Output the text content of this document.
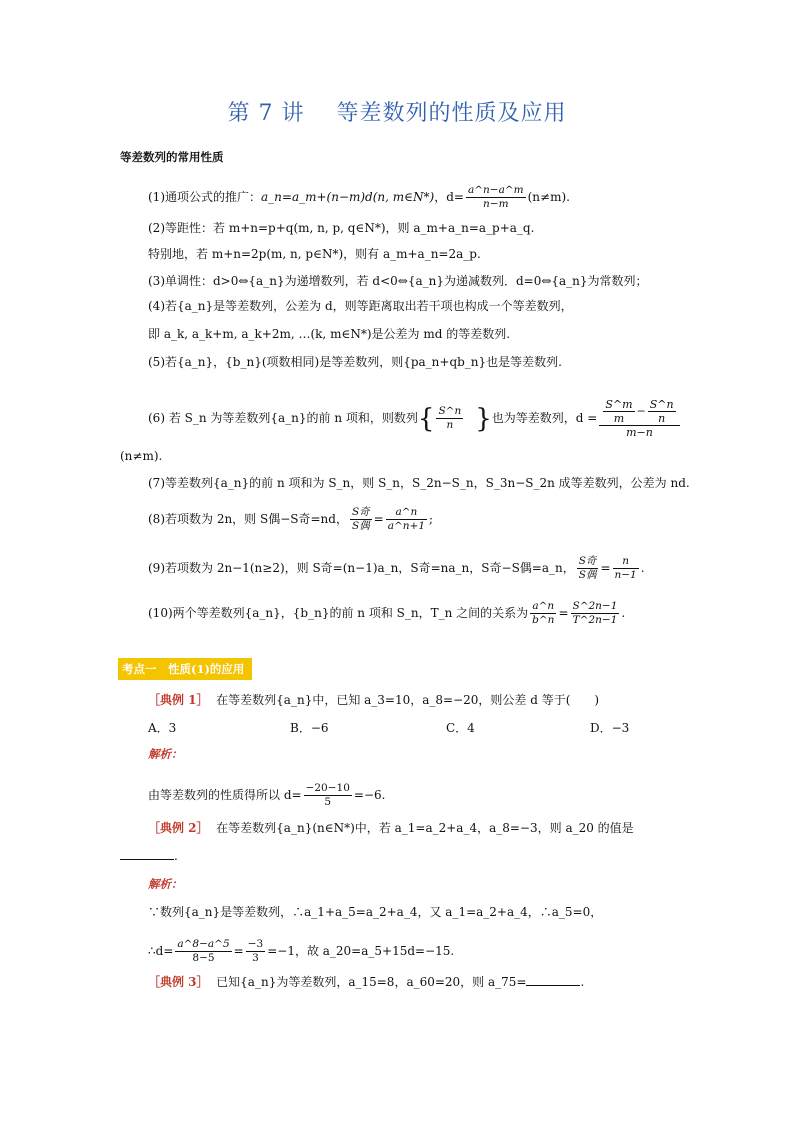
第 7 讲 等差数列的性质及应用
等差数列的常用性质
(1)通项公式的推广：a_n=a_m+(n−m)d(n, m∈N*)，$d= \frac{a\^{}n-a\^{}m}{n-m} (n\ne m)$.
(2)等距性：若 m+n=p+q(m, n, p, q∈N*)，则 a_m+a_n=a_p+a_q.
特别地，若 m+n=2p(m, n, p∈N*)，则有 a_m+a_n=2a_p.
(3)单调性：d>0⇔{a_n}为递增数列，若 d<0⇔{a_n}为递减数列．d=0⇔{a_n}为常数列；
(4)若{a_n}是等差数列，公差为 d，则等距离取出若干项也构成一个等差数列，
即 a_k, a_k+m, a_k+2m, …(k, m∈N*)是公差为 md 的等差数列.
(5)若{a_n}，{b_n}(项数相同)是等差数列，则{pa_n+qb_n}也是等差数列.
(6) 若 S_n 为等差数列{a_n}的前 n 项和，则数列{ $\frac{S\^{}n}{n}$ }也为等差数列，$d = \frac{\frac{S\^{}m}{m} - \frac{S\^{}n}{n}}{m-n}$
(n≠m).
(7)等差数列{a_n}的前 n 项和为 S_n，则 S_n，S_2n−S_n，S_3n−S_2n 成等差数列，公差为 nd.
(8)若项数为 2n，则 S偶−S奇=nd， $\frac{\text{S奇}}{\text{S偶}} = \frac{a\^{}n}{a\^{}n+1}$ ;
(9)若项数为 2n−1(n≥2)，则 S奇=(n−1)a_n，S奇=na_n，S奇−S偶=a_n， $\frac{\text{S奇}}{\text{S偶}} = \frac{n}{n-1}$ .
(10)两个等差数列{a_n}，{b_n}的前 n 项和 S_n，T_n 之间的关系为 $\frac{a\^{}n}{b\^{}n} = \frac{S\^{}2n-1}{T\^{}2n-1}$ .
考点一　性质(1)的应用
［典例 1］ 在等差数列{a_n}中，已知 a_3=10，a_8=−20，则公差 d 等于(　　)
A．3	B．−6	C．4	D．−3
解析：
由等差数列的性质得所以 $d= \frac{-20-10}{5} =-6$.
［典例 2］ 在等差数列{a_n}(n∈N*)中，若 a_1=a_2+a_4，a_8=−3，则 a_20 的值是
.
解析：
∵数列{a_n}是等差数列，∴a_1+a_5=a_2+a_4，又 a_1=a_2+a_4，∴a_5=0，
∴d= $\frac{a\^{}8-a\^{}5}{8-5} = \frac{-3}{3} =-1$，故 a_20=a_5+15d=−15.
［典例 3］ 已知{a_n}为等差数列，a_15=8，a_60=20，则 a_75=	.
